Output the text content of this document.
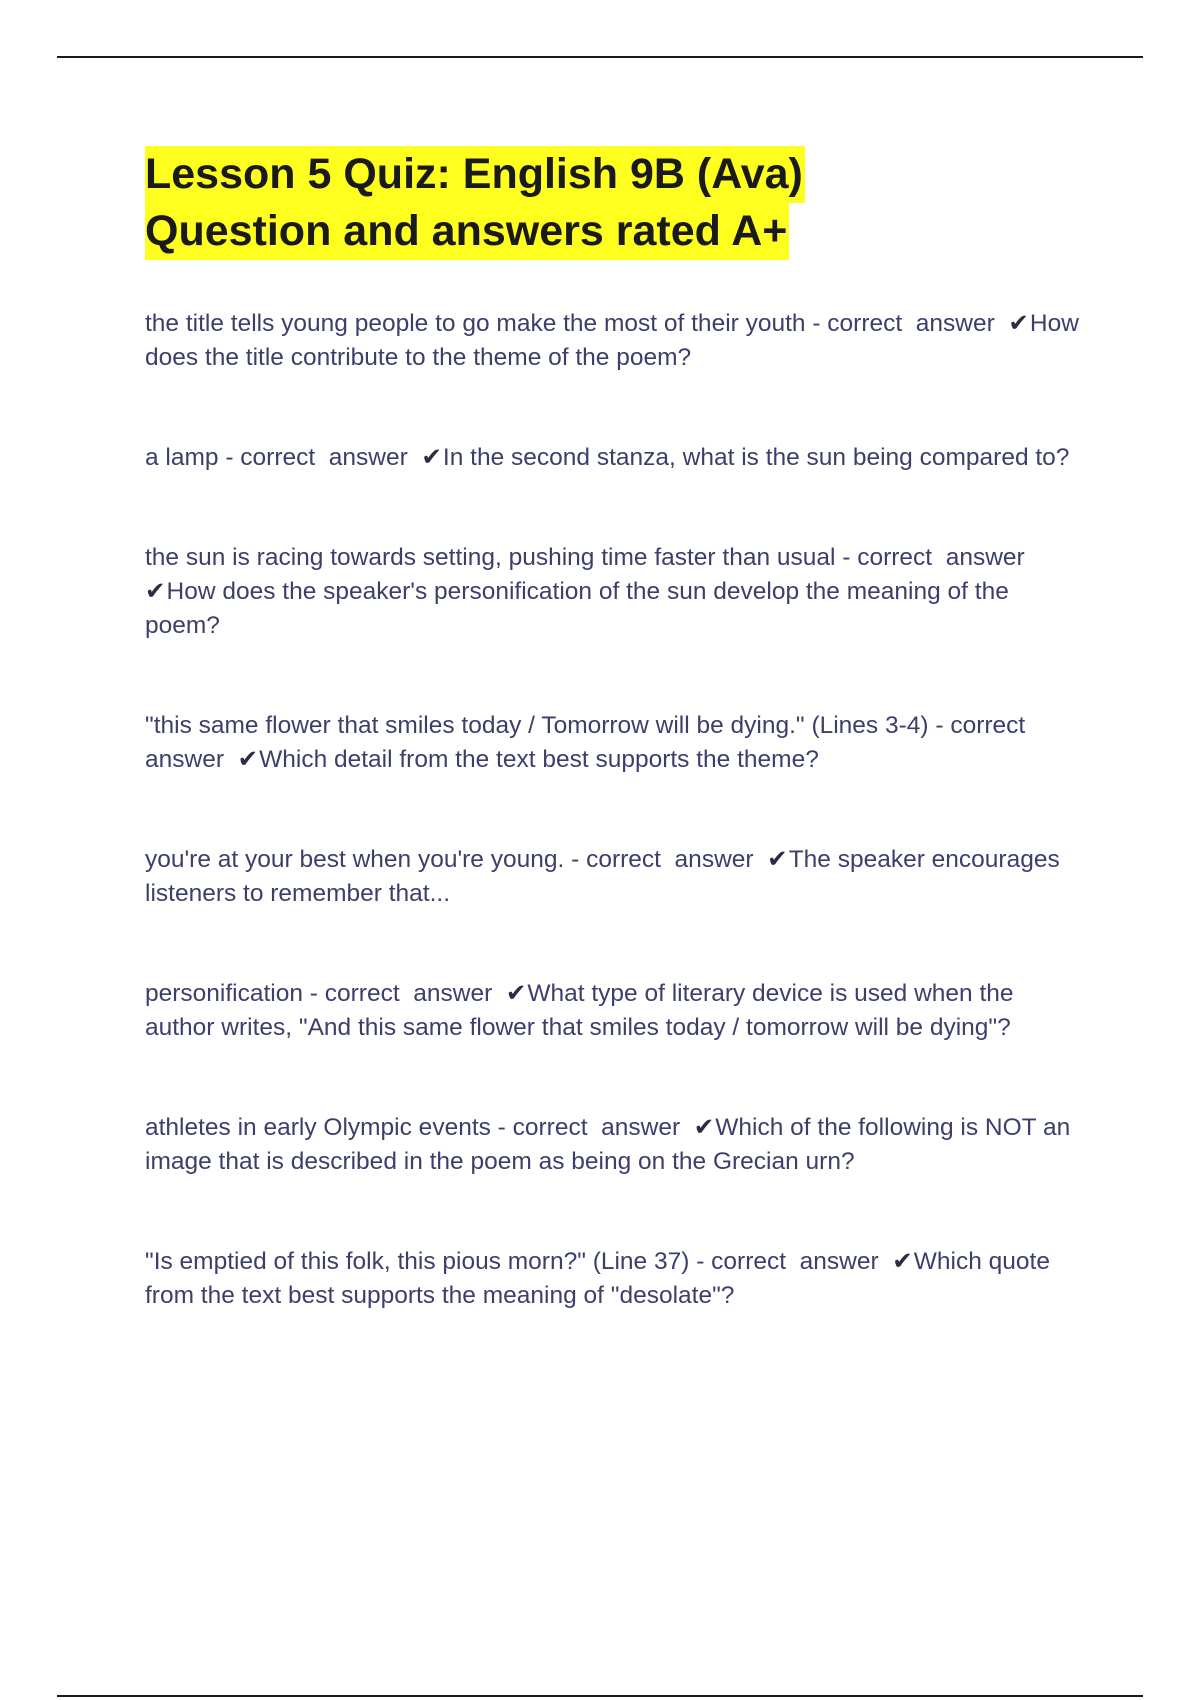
Lesson 5 Quiz: English 9B (Ava)
Question and answers rated A+

the title tells young people to go make the most of their youth - correct  answer  ✔How does the title contribute to the theme of the poem?

a lamp - correct  answer  ✔In the second stanza, what is the sun being compared to?

the sun is racing towards setting, pushing time faster than usual - correct  answer  ✔How does the speaker's personification of the sun develop the meaning of the poem?

"this same flower that smiles today / Tomorrow will be dying." (Lines 3-4) - correct  answer  ✔Which detail from the text best supports the theme?

you're at your best when you're young. - correct  answer  ✔The speaker encourages listeners to remember that...

personification - correct  answer  ✔What type of literary device is used when the author writes, "And this same flower that smiles today / tomorrow will be dying"?

athletes in early Olympic events - correct  answer  ✔Which of the following is NOT an image that is described in the poem as being on the Grecian urn?

"Is emptied of this folk, this pious morn?" (Line 37) - correct  answer  ✔Which quote from the text best supports the meaning of "desolate"?
